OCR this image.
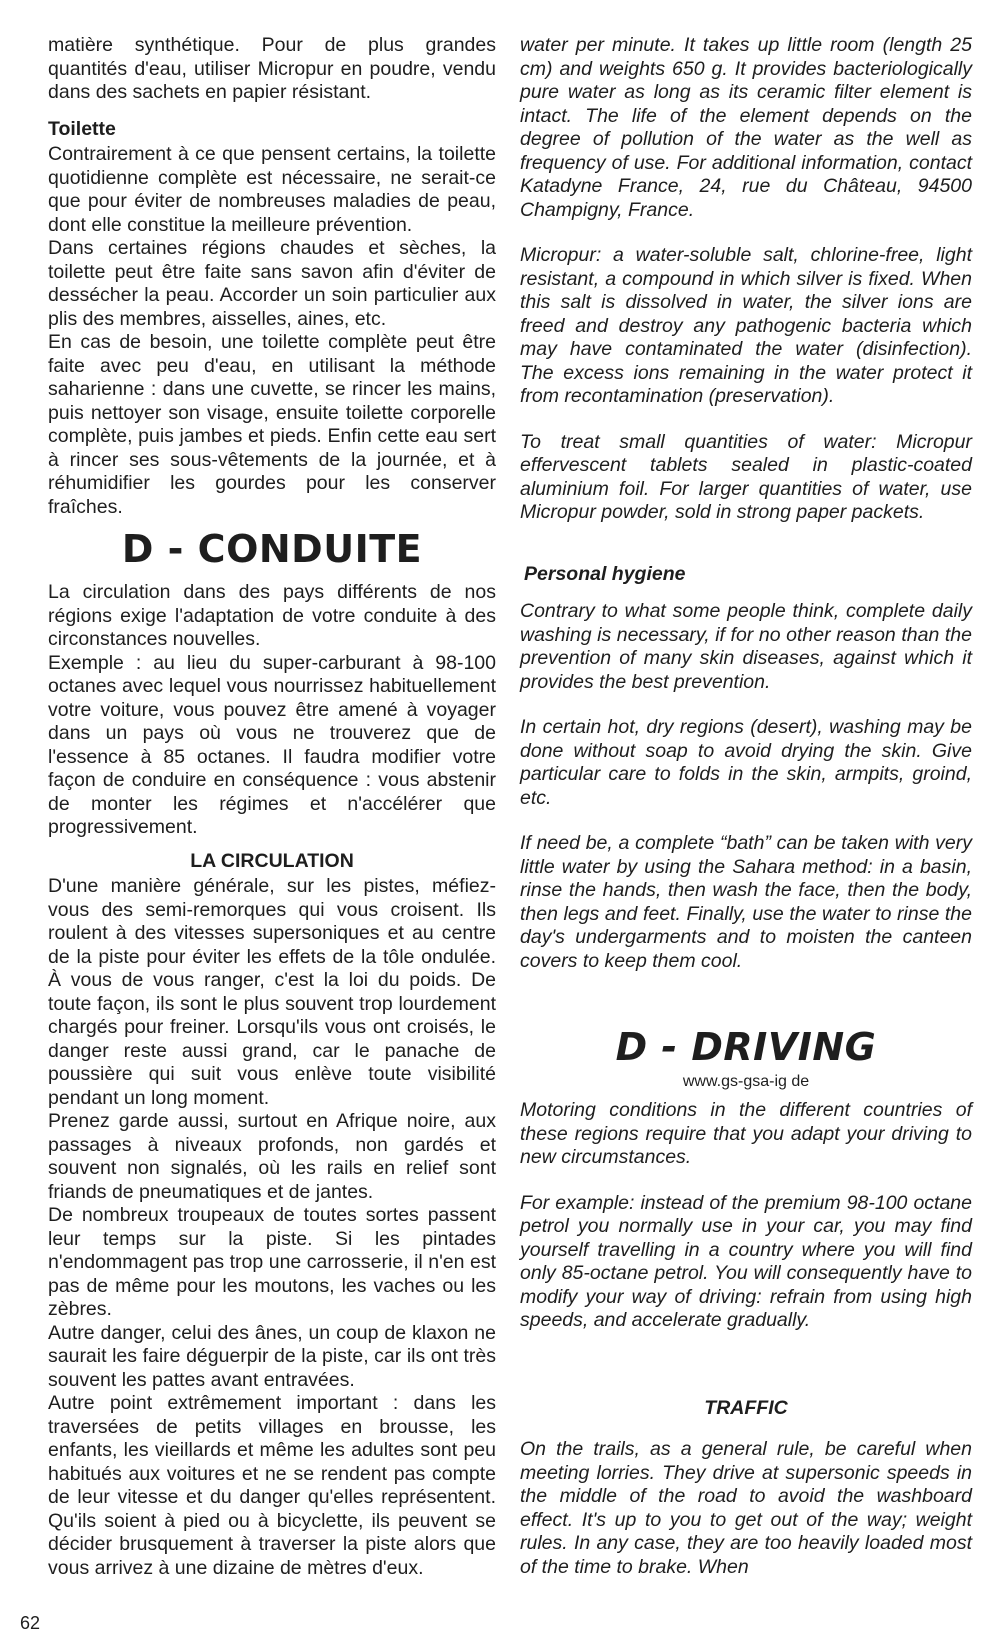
matière synthétique. Pour de plus grandes quantités d'eau, utiliser Micropur en poudre, vendu dans des sachets en papier résistant.

Toilette

Contrairement à ce que pensent certains, la toilette quotidienne complète est nécessaire, ne serait-ce que pour éviter de nombreuses maladies de peau, dont elle constitue la meilleure prévention.

Dans certaines régions chaudes et sèches, la toilette peut être faite sans savon afin d'éviter de dessécher la peau. Accorder un soin particulier aux plis des membres, aisselles, aines, etc.

En cas de besoin, une toilette complète peut être faite avec peu d'eau, en utilisant la méthode saharienne : dans une cuvette, se rincer les mains, puis nettoyer son visage, ensuite toilette corporelle complète, puis jambes et pieds. Enfin cette eau sert à rincer ses sous-vêtements de la journée, et à réhumidifier les gourdes pour les conserver fraîches.

D - CONDUITE

La circulation dans des pays différents de nos régions exige l'adaptation de votre conduite à des circonstances nouvelles.

Exemple : au lieu du super-carburant à 98-100 octanes avec lequel vous nourrissez habituellement votre voiture, vous pouvez être amené à voyager dans un pays où vous ne trouverez que de l'essence à 85 octanes. Il faudra modifier votre façon de conduire en conséquence : vous abstenir de monter les régimes et n'accélérer que progressivement.

LA CIRCULATION

D'une manière générale, sur les pistes, méfiez-vous des semi-remorques qui vous croisent. Ils roulent à des vitesses supersoniques et au centre de la piste pour éviter les effets de la tôle ondulée. À vous de vous ranger, c'est la loi du poids. De toute façon, ils sont le plus souvent trop lourdement chargés pour freiner. Lorsqu'ils vous ont croisés, le danger reste aussi grand, car le panache de poussière qui suit vous enlève toute visibilité pendant un long moment.

Prenez garde aussi, surtout en Afrique noire, aux passages à niveaux profonds, non gardés et souvent non signalés, où les rails en relief sont friands de pneumatiques et de jantes.

De nombreux troupeaux de toutes sortes passent leur temps sur la piste. Si les pintades n'endommagent pas trop une carrosserie, il n'en est pas de même pour les moutons, les vaches ou les zèbres.

Autre danger, celui des ânes, un coup de klaxon ne saurait les faire déguerpir de la piste, car ils ont très souvent les pattes avant entravées.

Autre point extrêmement important : dans les traversées de petits villages en brousse, les enfants, les vieillards et même les adultes sont peu habitués aux voitures et ne se rendent pas compte de leur vitesse et du danger qu'elles représentent. Qu'ils soient à pied ou à bicyclette, ils peuvent se décider brusquement à traverser la piste alors que vous arrivez à une dizaine de mètres d'eux.

water per minute. It takes up little room (length 25 cm) and weights 650 g. It provides bacteriologically pure water as long as its ceramic filter element is intact. The life of the element depends on the degree of pollution of the water as the well as frequency of use. For additional information, contact Katadyne France, 24, rue du Château, 94500 Champigny, France.

Micropur: a water-soluble salt, chlorine-free, light resistant, a compound in which silver is fixed. When this salt is dissolved in water, the silver ions are freed and destroy any pathogenic bacteria which may have contaminated the water (disinfection). The excess ions remaining in the water protect it from recontamination (preservation).

To treat small quantities of water: Micropur effervescent tablets sealed in plastic-coated aluminium foil. For larger quantities of water, use Micropur powder, sold in strong paper packets.

Personal hygiene

Contrary to what some people think, complete daily washing is necessary, if for no other reason than the prevention of many skin diseases, against which it provides the best prevention.

In certain hot, dry regions (desert), washing may be done without soap to avoid drying the skin. Give particular care to folds in the skin, armpits, groind, etc.

If need be, a complete “bath” can be taken with very little water by using the Sahara method: in a basin, rinse the hands, then wash the face, then the body, then legs and feet. Finally, use the water to rinse the day's undergarments and to moisten the canteen covers to keep them cool.

D - DRIVING
www.gs-gsa-ig de

Motoring conditions in the different countries of these regions require that you adapt your driving to new circumstances.

For example: instead of the premium 98-100 octane petrol you normally use in your car, you may find yourself travelling in a country where you will find only 85-octane petrol. You will consequently have to modify your way of driving: refrain from using high speeds, and accelerate gradually.

TRAFFIC

On the trails, as a general rule, be careful when meeting lorries. They drive at supersonic speeds in the middle of the road to avoid the washboard effect. It's up to you to get out of the way; weight rules. In any case, they are too heavily loaded most of the time to brake. When

62
